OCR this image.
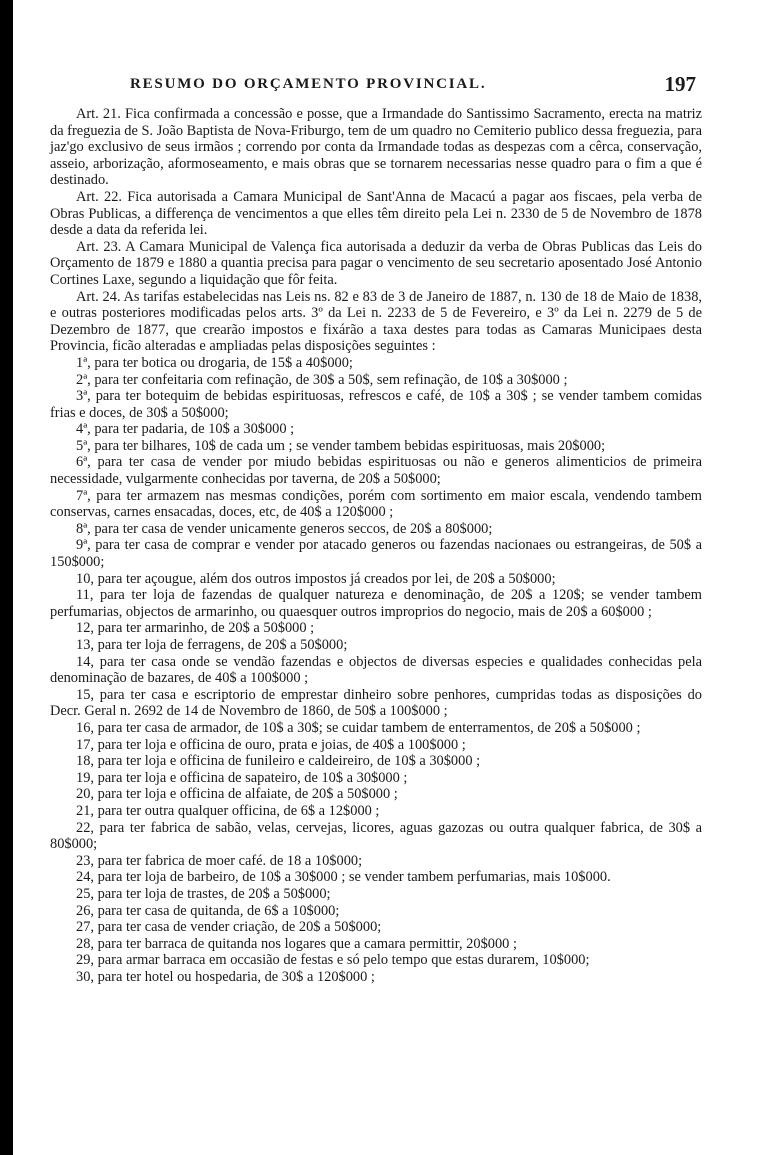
RESUMO DO ORÇAMENTO PROVINCIAL.	197

Art. 21. Fica confirmada a concessão e posse, que a Irmandade do Santissimo Sacramento, erecta na matriz da freguezia de S. João Baptista de Nova-Friburgo, tem de um quadro no Cemiterio publico dessa freguezia, para jaz'go exclusivo de seus irmãos ; correndo por conta da Irmandade todas as despezas com a cêrca, conservação, asseio, arborização, aformoseamento, e mais obras que se tornarem necessarias nesse quadro para o fim a que é destinado.

Art. 22. Fica autorisada a Camara Municipal de Sant'Anna de Macacú a pagar aos fiscaes, pela verba de Obras Publicas, a differença de vencimentos a que elles têm direito pela Lei n. 2330 de 5 de Novembro de 1878 desde a data da referida lei.

Art. 23. A Camara Municipal de Valença fica autorisada a deduzir da verba de Obras Publicas das Leis do Orçamento de 1879 e 1880 a quantia precisa para pagar o vencimento de seu secretario aposentado José Antonio Cortines Laxe, segundo a liquidação que fôr feita.

Art. 24. As tarifas estabelecidas nas Leis ns. 82 e 83 de 3 de Janeiro de 1887, n. 130 de 18 de Maio de 1838, e outras posteriores modificadas pelos arts. 3º da Lei n. 2233 de 5 de Fevereiro, e 3º da Lei n. 2279 de 5 de Dezembro de 1877, que crearão impostos e fixárão a taxa destes para todas as Camaras Municipaes desta Provincia, ficão alteradas e ampliadas pelas disposições seguintes :

1ª, para ter botica ou drogaria, de 15$ a 40$000;

2ª, para ter confeitaria com refinação, de 30$ a 50$, sem refinação, de 10$ a 30$000 ;

3ª, para ter botequim de bebidas espirituosas, refrescos e café, de 10$ a 30$ ; se vender tambem comidas frias e doces, de 30$ a 50$000;

4ª, para ter padaria, de 10$ a 30$000 ;

5ª, para ter bilhares, 10$ de cada um ; se vender tambem bebidas espirituosas, mais 20$000;

6ª, para ter casa de vender por miudo bebidas espirituosas ou não e generos alimenticios de primeira necessidade, vulgarmente conhecidas por taverna, de 20$ a 50$000;

7ª, para ter armazem nas mesmas condições, porém com sortimento em maior escala, vendendo tambem conservas, carnes ensacadas, doces, etc, de 40$ a 120$000 ;

8ª, para ter casa de vender unicamente generos seccos, de 20$ a 80$000;

9ª, para ter casa de comprar e vender por atacado generos ou fazendas nacionaes ou estrangeiras, de 50$ a 150$000;

10, para ter açougue, além dos outros impostos já creados por lei, de 20$ a 50$000;

11, para ter loja de fazendas de qualquer natureza e denominação, de 20$ a 120$; se vender tambem perfumarias, objectos de armarinho, ou quaesquer outros improprios do negocio, mais de 20$ a 60$000 ;

12, para ter armarinho, de 20$ a 50$000 ;

13, para ter loja de ferragens, de 20$ a 50$000;

14, para ter casa onde se vendão fazendas e objectos de diversas especies e qualidades conhecidas pela denominação de bazares, de 40$ a 100$000 ;

15, para ter casa e escriptorio de emprestar dinheiro sobre penhores, cumpridas todas as disposições do Decr. Geral n. 2692 de 14 de Novembro de 1860, de 50$ a 100$000 ;

16, para ter casa de armador, de 10$ a 30$; se cuidar tambem de enterramentos, de 20$ a 50$000 ;

17, para ter loja e officina de ouro, prata e joias, de 40$ a 100$000 ;

18, para ter loja e officina de funileiro e caldeireiro, de 10$ a 30$000 ;

19, para ter loja e officina de sapateiro, de 10$ a 30$000 ;

20, para ter loja e officina de alfaiate, de 20$ a 50$000 ;

21, para ter outra qualquer officina, de 6$ a 12$000 ;

22, para ter fabrica de sabão, velas, cervejas, licores, aguas gazozas ou outra qualquer fabrica, de 30$ a 80$000;

23, para ter fabrica de moer café. de 18 a 10$000;

24, para ter loja de barbeiro, de 10$ a 30$000 ; se vender tambem perfumarias, mais 10$000.

25, para ter loja de trastes, de 20$ a 50$000;

26, para ter casa de quitanda, de 6$ a 10$000;

27, para ter casa de vender criação, de 20$ a 50$000;

28, para ter barraca de quitanda nos logares que a camara permittir, 20$000 ;

29, para armar barraca em occasião de festas e só pelo tempo que estas durarem, 10$000;

30, para ter hotel ou hospedaria, de 30$ a 120$000 ;
